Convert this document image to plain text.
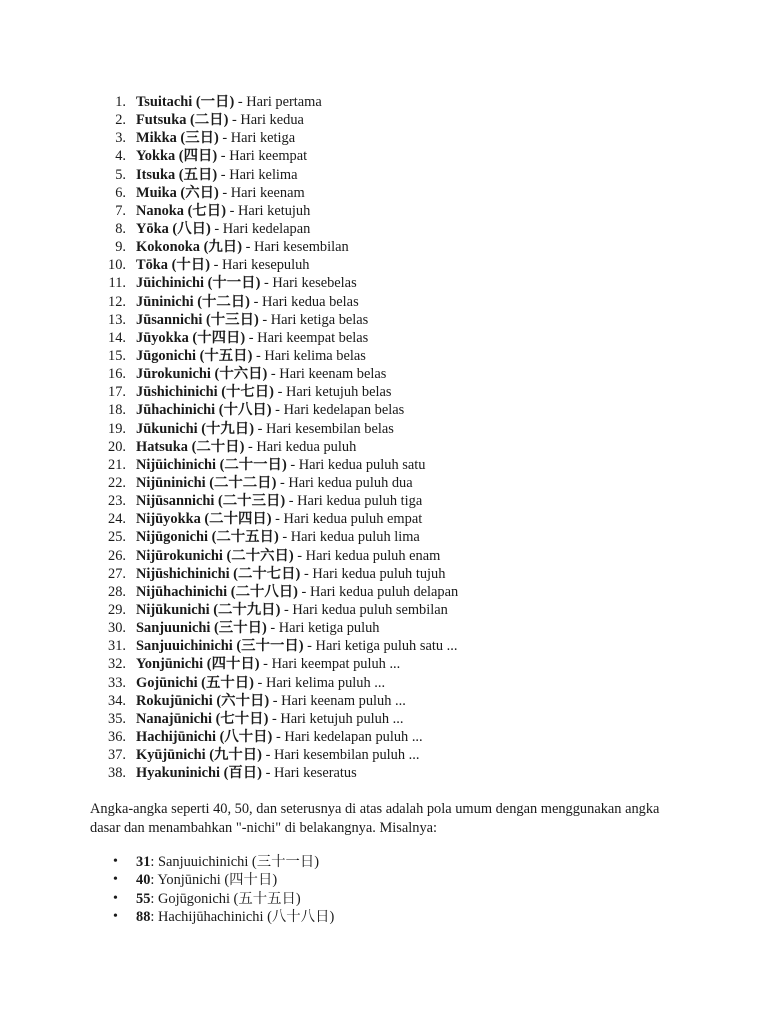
1. Tsuitachi (一日) - Hari pertama
2. Futsuka (二日) - Hari kedua
3. Mikka (三日) - Hari ketiga
4. Yokka (四日) - Hari keempat
5. Itsuka (五日) - Hari kelima
6. Muika (六日) - Hari keenam
7. Nanoka (七日) - Hari ketujuh
8. Yōka (八日) - Hari kedelapan
9. Kokonoka (九日) - Hari kesembilan
10. Tōka (十日) - Hari kesepuluh
11. Jūichinichi (十一日) - Hari kesebelas
12. Jūninichi (十二日) - Hari kedua belas
13. Jūsannichi (十三日) - Hari ketiga belas
14. Jūyokka (十四日) - Hari keempat belas
15. Jūgonichi (十五日) - Hari kelima belas
16. Jūrokunichi (十六日) - Hari keenam belas
17. Jūshichinichi (十七日) - Hari ketujuh belas
18. Jūhachinichi (十八日) - Hari kedelapan belas
19. Jūkunichi (十九日) - Hari kesembilan belas
20. Hatsuka (二十日) - Hari kedua puluh
21. Nijūichinichi (二十一日) - Hari kedua puluh satu
22. Nijūninichi (二十二日) - Hari kedua puluh dua
23. Nijūsannichi (二十三日) - Hari kedua puluh tiga
24. Nijūyokka (二十四日) - Hari kedua puluh empat
25. Nijūgonichi (二十五日) - Hari kedua puluh lima
26. Nijūrokunichi (二十六日) - Hari kedua puluh enam
27. Nijūshichinichi (二十七日) - Hari kedua puluh tujuh
28. Nijūhachinichi (二十八日) - Hari kedua puluh delapan
29. Nijūkunichi (二十九日) - Hari kedua puluh sembilan
30. Sanjuunichi (三十日) - Hari ketiga puluh
31. Sanjuuichinichi (三十一日) - Hari ketiga puluh satu ...
32. Yonjūnichi (四十日) - Hari keempat puluh ...
33. Gojūnichi (五十日) - Hari kelima puluh ...
34. Rokujūnichi (六十日) - Hari keenam puluh ...
35. Nanajūnichi (七十日) - Hari ketujuh puluh ...
36. Hachijūnichi (八十日) - Hari kedelapan puluh ...
37. Kyūjūnichi (九十日) - Hari kesembilan puluh ...
38. Hyakuninichi (百日) - Hari keseratus

Angka-angka seperti 40, 50, dan seterusnya di atas adalah pola umum dengan menggunakan angka dasar dan menambahkan "-nichi" di belakangnya. Misalnya:

• 31: Sanjuuichinichi (三十一日)
• 40: Yonjūnichi (四十日)
• 55: Gojūgonichi (五十五日)
• 88: Hachijūhachinichi (八十八日)
